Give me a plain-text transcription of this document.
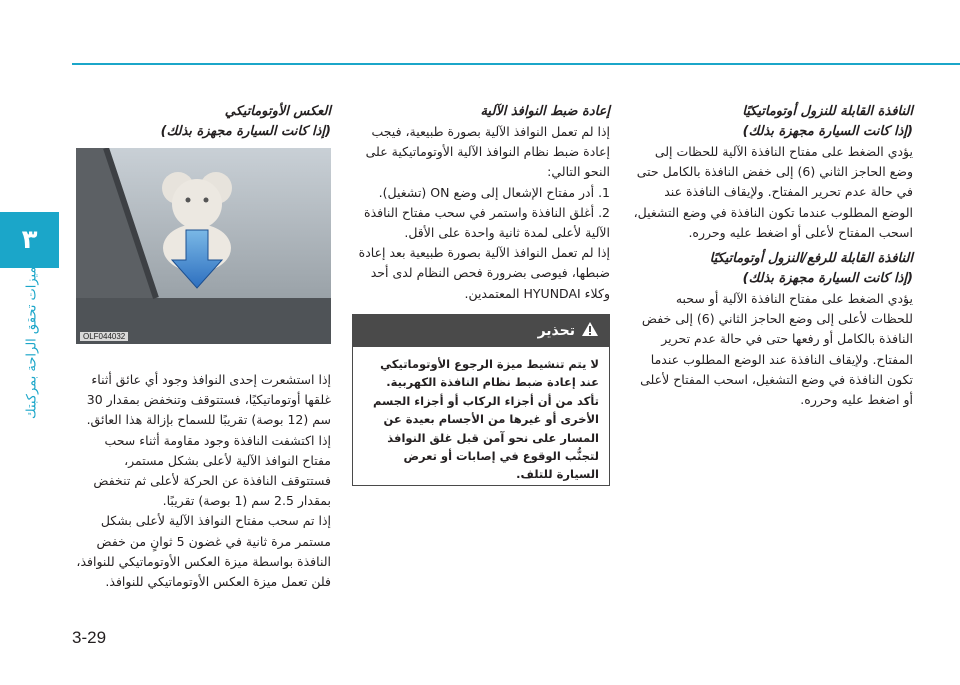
٣
ميزات تحقق الراحة بمركبتك
3-29

النافذة القابلة للنزول أوتوماتيكيًا

(إذا كانت السيارة مجهزة بذلك)

يؤدي الضغط على مفتاح النافذة الآلية للحظات إلى وضع الحاجز الثاني (6) إلى خفض النافذة بالكامل حتى في حالة عدم تحرير المفتاح. ولإيقاف النافذة عند الوضع المطلوب عندما تكون النافذة في وضع التشغيل، اسحب المفتاح لأعلى أو اضغط عليه وحرره.

النافذة القابلة للرفع/النزول أوتوماتيكيًا

(إذا كانت السيارة مجهزة بذلك)

يؤدي الضغط على مفتاح النافذة الآلية أو سحبه للحظات لأعلى إلى وضع الحاجز الثاني (6) إلى خفض النافذة بالكامل أو رفعها حتى في حالة عدم تحرير المفتاح. ولإيقاف النافذة عند الوضع المطلوب عندما تكون النافذة في وضع التشغيل، اسحب المفتاح لأعلى أو اضغط عليه وحرره.

إعادة ضبط النوافذ الآلية

إذا لم تعمل النوافذ الآلية بصورة طبيعية، فيجب إعادة ضبط نظام النوافذ الآلية الأوتوماتيكية على النحو التالي:

1. أدر مفتاح الإشعال إلى وضع ON (تشغيل).

2. أغلق النافذة واستمر في سحب مفتاح النافذة الآلية لأعلى لمدة ثانية واحدة على الأقل.

إذا لم تعمل النوافذ الآلية بصورة طبيعية بعد إعادة ضبطها، فيوصى بضرورة فحص النظام لدى أحد وكلاء HYUNDAI المعتمدين.

تحذير
لا يتم تنشيط ميزة الرجوع الأوتوماتيكي عند إعادة ضبط نظام النافذة الكهربية. تأكد من أن أجزاء الركاب أو أجزاء الجسم الأخرى أو غيرها من الأجسام بعيدة عن المسار على نحو آمن قبل غلق النوافذ لتجنُّب الوقوع في إصابات أو تعرض السيارة للتلف.

العكس الأوتوماتيكي

(إذا كانت السيارة مجهزة بذلك)

OLF044032

إذا استشعرت إحدى النوافذ وجود أي عائق أثناء غلقها أوتوماتيكيًا، فستتوقف وتنخفض بمقدار 30 سم (12 بوصة) تقريبًا للسماح بإزالة هذا العائق.

إذا اكتشفت النافذة وجود مقاومة أثناء سحب مفتاح النوافذ الآلية لأعلى بشكل مستمر، فستتوقف النافذة عن الحركة لأعلى ثم تنخفض بمقدار 2.5 سم (1 بوصة) تقريبًا.

إذا تم سحب مفتاح النوافذ الآلية لأعلى بشكل مستمر مرة ثانية في غضون 5 ثوانٍ من خفض النافذة بواسطة ميزة العكس الأوتوماتيكي للنوافذ، فلن تعمل ميزة العكس الأوتوماتيكي للنوافذ.
